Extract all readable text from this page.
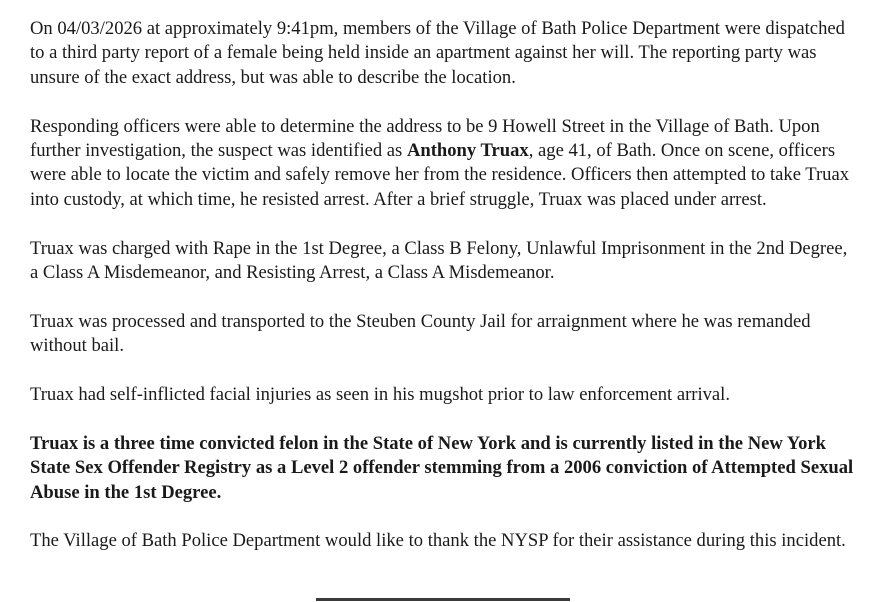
On 04/03/2026 at approximately 9:41pm, members of the Village of Bath Police Department were dispatched to a third party report of a female being held inside an apartment against her will. The reporting party was unsure of the exact address, but was able to describe the location.

Responding officers were able to determine the address to be 9 Howell Street in the Village of Bath. Upon further investigation, the suspect was identified as Anthony Truax, age 41, of Bath. Once on scene, officers were able to locate the victim and safely remove her from the residence. Officers then attempted to take Truax into custody, at which time, he resisted arrest. After a brief struggle, Truax was placed under arrest.

Truax was charged with Rape in the 1st Degree, a Class B Felony, Unlawful Imprisonment in the 2nd Degree, a Class A Misdemeanor, and Resisting Arrest, a Class A Misdemeanor.

Truax was processed and transported to the Steuben County Jail for arraignment where he was remanded without bail.

Truax had self-inflicted facial injuries as seen in his mugshot prior to law enforcement arrival.

Truax is a three time convicted felon in the State of New York and is currently listed in the New York State Sex Offender Registry as a Level 2 offender stemming from a 2006 conviction of Attempted Sexual Abuse in the 1st Degree.

The Village of Bath Police Department would like to thank the NYSP for their assistance during this incident.
